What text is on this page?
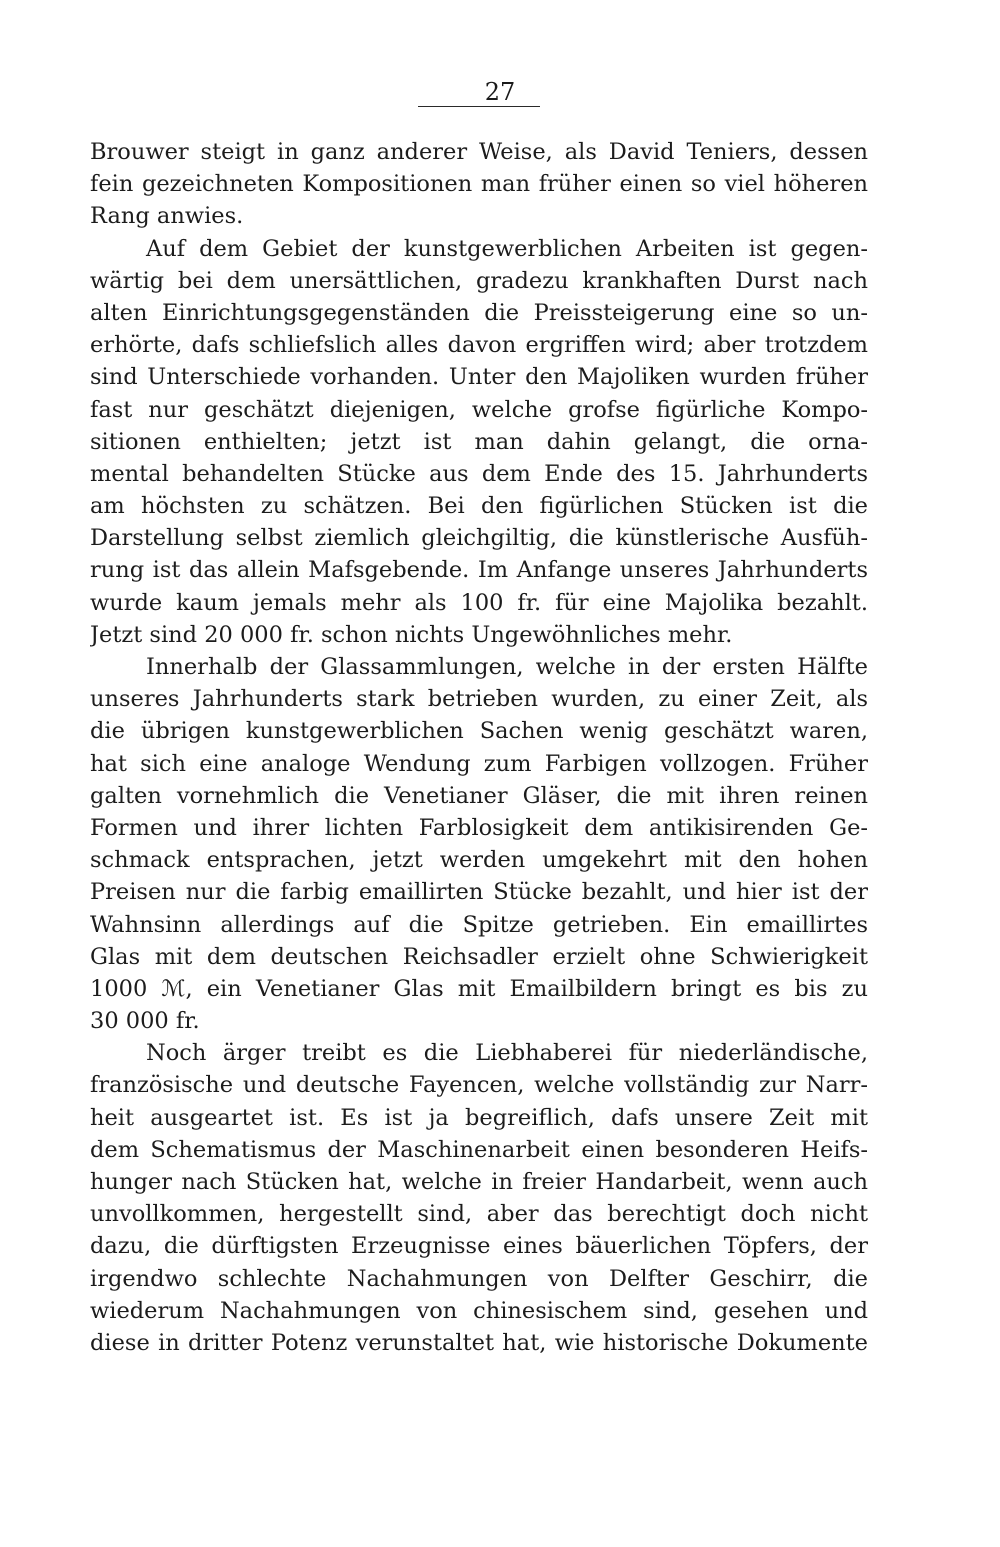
27
Brouwer steigt in ganz anderer Weise, als David Teniers, dessen
fein gezeichneten Kompositionen man früher einen so viel höheren
Rang anwies.
Auf dem Gebiet der kunstgewerblichen Arbeiten ist gegen-
wärtig bei dem unersättlichen, gradezu krankhaften Durst nach
alten Einrichtungsgegenständen die Preissteigerung eine so un-
erhörte, dafs schliefslich alles davon ergriffen wird; aber trotzdem
sind Unterschiede vorhanden. Unter den Majoliken wurden früher
fast nur geschätzt diejenigen, welche grofse figürliche Kompo-
sitionen enthielten; jetzt ist man dahin gelangt, die orna-
mental behandelten Stücke aus dem Ende des 15. Jahrhunderts
am höchsten zu schätzen. Bei den figürlichen Stücken ist die
Darstellung selbst ziemlich gleichgiltig, die künstlerische Ausfüh-
rung ist das allein Mafsgebende. Im Anfange unseres Jahrhunderts
wurde kaum jemals mehr als 100 fr. für eine Majolika bezahlt.
Jetzt sind 20 000 fr. schon nichts Ungewöhnliches mehr.
Innerhalb der Glassammlungen, welche in der ersten Hälfte
unseres Jahrhunderts stark betrieben wurden, zu einer Zeit, als
die übrigen kunstgewerblichen Sachen wenig geschätzt waren,
hat sich eine analoge Wendung zum Farbigen vollzogen. Früher
galten vornehmlich die Venetianer Gläser, die mit ihren reinen
Formen und ihrer lichten Farblosigkeit dem antikisirenden Ge-
schmack entsprachen, jetzt werden umgekehrt mit den hohen
Preisen nur die farbig emaillirten Stücke bezahlt, und hier ist der
Wahnsinn allerdings auf die Spitze getrieben. Ein emaillirtes
Glas mit dem deutschen Reichsadler erzielt ohne Schwierigkeit
1000 ℳ, ein Venetianer Glas mit Emailbildern bringt es bis zu
30 000 fr.
Noch ärger treibt es die Liebhaberei für niederländische,
französische und deutsche Fayencen, welche vollständig zur Narr-
heit ausgeartet ist. Es ist ja begreiflich, dafs unsere Zeit mit
dem Schematismus der Maschinenarbeit einen besonderen Heifs-
hunger nach Stücken hat, welche in freier Handarbeit, wenn auch
unvollkommen, hergestellt sind, aber das berechtigt doch nicht
dazu, die dürftigsten Erzeugnisse eines bäuerlichen Töpfers, der
irgendwo schlechte Nachahmungen von Delfter Geschirr, die
wiederum Nachahmungen von chinesischem sind, gesehen und
diese in dritter Potenz verunstaltet hat, wie historische Dokumente
